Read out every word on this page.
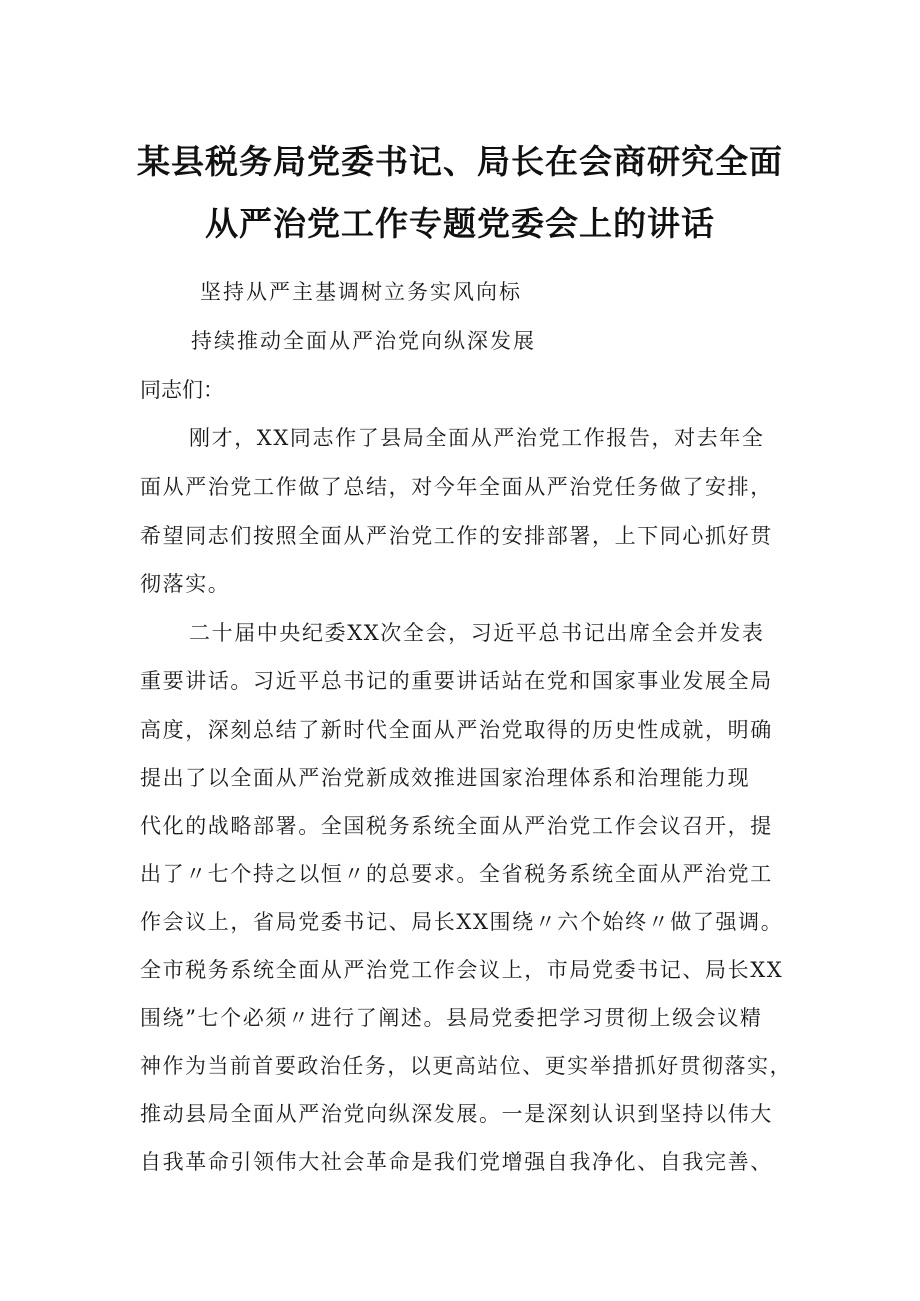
某县税务局党委书记、局长在会商研究全面
从严治党工作专题党委会上的讲话
坚持从严主基调树立务实风向标
持续推动全面从严治党向纵深发展
同志们：
刚才，XX同志作了县局全面从严治党工作报告，对去年全
面从严治党工作做了总结，对今年全面从严治党任务做了安排，
希望同志们按照全面从严治党工作的安排部署，上下同心抓好贯
彻落实。
二十届中央纪委XX次全会，习近平总书记出席全会并发表
重要讲话。习近平总书记的重要讲话站在党和国家事业发展全局
高度，深刻总结了新时代全面从严治党取得的历史性成就，明确
提出了以全面从严治党新成效推进国家治理体系和治理能力现
代化的战略部署。全国税务系统全面从严治党工作会议召开，提
出了〃七个持之以恒〃的总要求。全省税务系统全面从严治党工
作会议上，省局党委书记、局长XX围绕〃六个始终〃做了强调。
全市税务系统全面从严治党工作会议上，市局党委书记、局长XX
围绕”七个必须〃进行了阐述。县局党委把学习贯彻上级会议精
神作为当前首要政治任务，以更高站位、更实举措抓好贯彻落实，
推动县局全面从严治党向纵深发展。一是深刻认识到坚持以伟大
自我革命引领伟大社会革命是我们党增强自我净化、自我完善、
